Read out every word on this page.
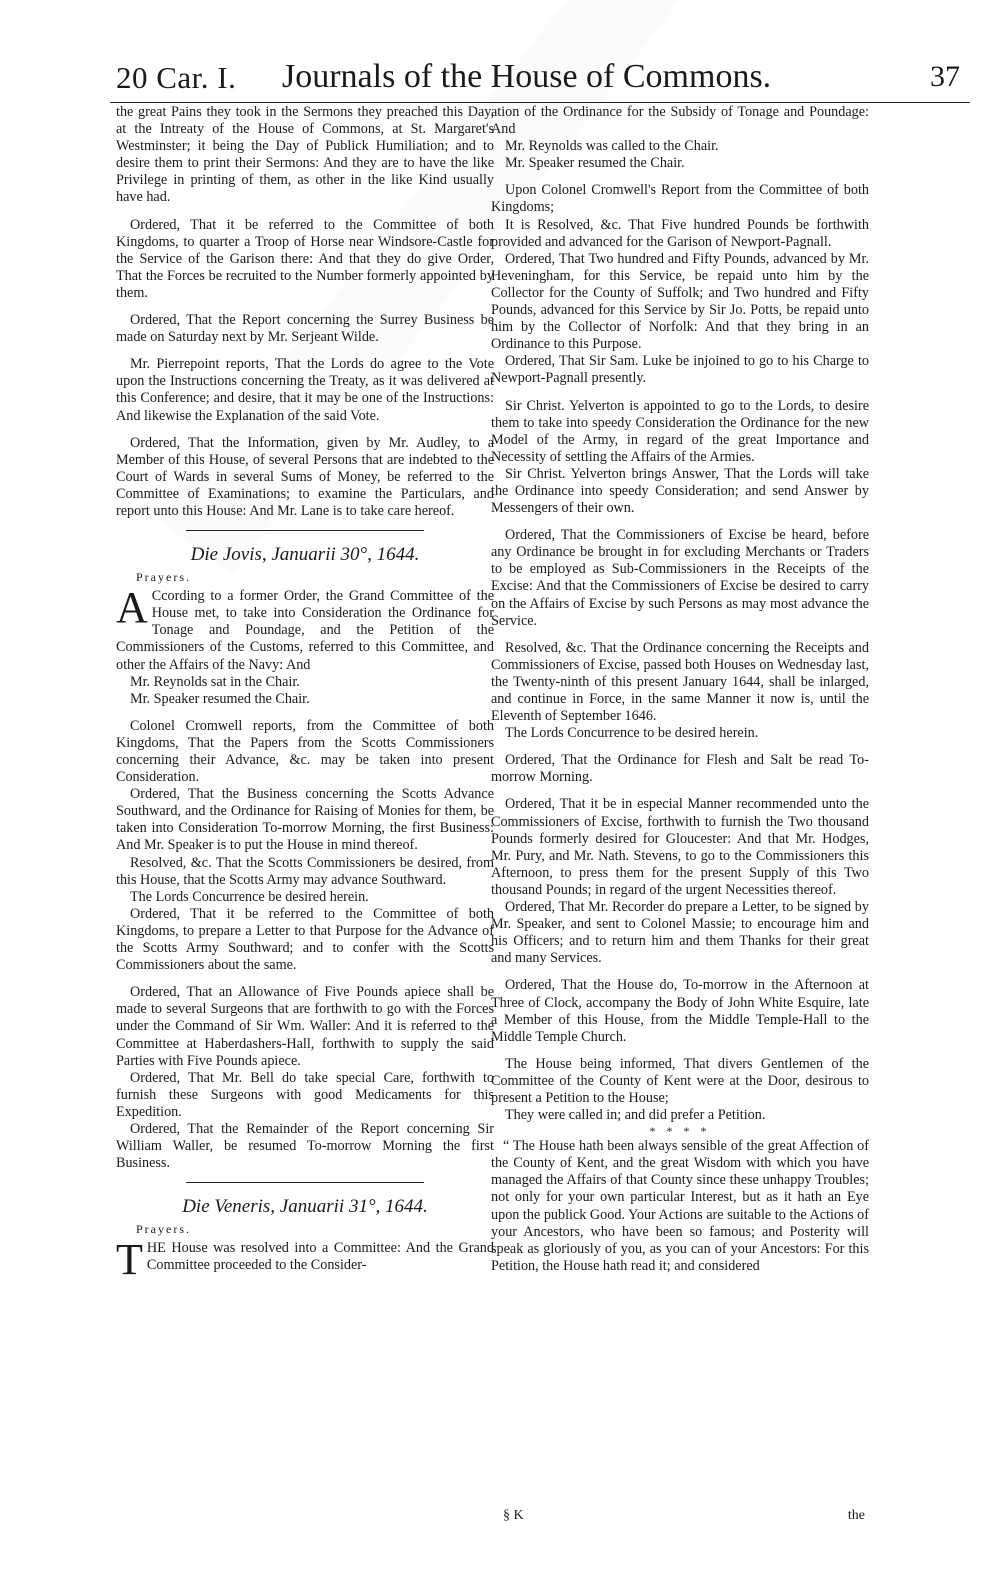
20 Car. I. Journals of the House of Commons.	37

the great Pains they took in the Sermons they preached this Day, at the Intreaty of the House of Commons, at St. Margaret's Westminster; it being the Day of Publick Humiliation; and to desire them to print their Sermons: And they are to have the like Privilege in printing of them, as other in the like Kind usually have had.

Ordered, That it be referred to the Committee of both Kingdoms, to quarter a Troop of Horse near Windsore-Castle for the Service of the Garison there: And that they do give Order, That the Forces be recruited to the Number formerly appointed by them.

Ordered, That the Report concerning the Surrey Business be made on Saturday next by Mr. Serjeant Wilde.

Mr. Pierrepoint reports, That the Lords do agree to the Vote upon the Instructions concerning the Treaty, as it was delivered at this Conference; and desire, that it may be one of the Instructions: And likewise the Explanation of the said Vote.

Ordered, That the Information, given by Mr. Audley, to a Member of this House, of several Persons that are indebted to the Court of Wards in several Sums of Money, be referred to the Committee of Examinations; to examine the Particulars, and report unto this House: And Mr. Lane is to take care hereof.

Die Jovis, Januarii 30°, 1644.
Prayers.

A Ccording to a former Order, the Grand Committee of the House met, to take into Consideration the Ordinance for Tonage and Poundage, and the Petition of the Commissioners of the Customs, referred to this Committee, and other the Affairs of the Navy: And

Mr. Reynolds sat in the Chair.

Mr. Speaker resumed the Chair.

Colonel Cromwell reports, from the Committee of both Kingdoms, That the Papers from the Scotts Commissioners concerning their Advance, &c. may be taken into present Consideration.

Ordered, That the Business concerning the Scotts Advance Southward, and the Ordinance for Raising of Monies for them, be taken into Consideration To-morrow Morning, the first Business: And Mr. Speaker is to put the House in mind thereof.

Resolved, &c. That the Scotts Commissioners be desired, from this House, that the Scotts Army may advance Southward.

The Lords Concurrence be desired herein.

Ordered, That it be referred to the Committee of both Kingdoms, to prepare a Letter to that Purpose for the Advance of the Scotts Army Southward; and to confer with the Scotts Commissioners about the same.

Ordered, That an Allowance of Five Pounds apiece shall be made to several Surgeons that are forthwith to go with the Forces under the Command of Sir Wm. Waller: And it is referred to the Committee at Haberdashers-Hall, forthwith to supply the said Parties with Five Pounds apiece.

Ordered, That Mr. Bell do take special Care, forthwith to furnish these Surgeons with good Medicaments for this Expedition.

Ordered, That the Remainder of the Report concerning Sir William Waller, be resumed To-morrow Morning the first Business.

Die Veneris, Januarii 31°, 1644.
Prayers.

THE House was resolved into a Committee: And the Grand Committee proceeded to the Consider-

ation of the Ordinance for the Subsidy of Tonage and Poundage: And

Mr. Reynolds was called to the Chair.

Mr. Speaker resumed the Chair.

Upon Colonel Cromwell's Report from the Committee of both Kingdoms;

It is Resolved, &c. That Five hundred Pounds be forthwith provided and advanced for the Garison of Newport-Pagnall.

Ordered, That Two hundred and Fifty Pounds, advanced by Mr. Heveningham, for this Service, be repaid unto him by the Collector for the County of Suffolk; and Two hundred and Fifty Pounds, advanced for this Service by Sir Jo. Potts, be repaid unto him by the Collector of Norfolk: And that they bring in an Ordinance to this Purpose.

Ordered, That Sir Sam. Luke be injoined to go to his Charge to Newport-Pagnall presently.

Sir Christ. Yelverton is appointed to go to the Lords, to desire them to take into speedy Consideration the Ordinance for the new Model of the Army, in regard of the great Importance and Necessity of settling the Affairs of the Armies.

Sir Christ. Yelverton brings Answer, That the Lords will take the Ordinance into speedy Consideration; and send Answer by Messengers of their own.

Ordered, That the Commissioners of Excise be heard, before any Ordinance be brought in for excluding Merchants or Traders to be employed as Sub-Commissioners in the Receipts of the Excise: And that the Commissioners of Excise be desired to carry on the Affairs of Excise by such Persons as may most advance the Service.

Resolved, &c. That the Ordinance concerning the Receipts and Commissioners of Excise, passed both Houses on Wednesday last, the Twenty-ninth of this present January 1644, shall be inlarged, and continue in Force, in the same Manner it now is, until the Eleventh of September 1646.

The Lords Concurrence to be desired herein.

Ordered, That the Ordinance for Flesh and Salt be read To-morrow Morning.

Ordered, That it be in especial Manner recommended unto the Commissioners of Excise, forthwith to furnish the Two thousand Pounds formerly desired for Gloucester: And that Mr. Hodges, Mr. Pury, and Mr. Nath. Stevens, to go to the Commissioners this Afternoon, to press them for the present Supply of this Two thousand Pounds; in regard of the urgent Necessities thereof.

Ordered, That Mr. Recorder do prepare a Letter, to be signed by Mr. Speaker, and sent to Colonel Massie; to encourage him and his Officers; and to return him and them Thanks for their great and many Services.

Ordered, That the House do, To-morrow in the Afternoon at Three of Clock, accompany the Body of John White Esquire, late a Member of this House, from the Middle Temple-Hall to the Middle Temple Church.

The House being informed, That divers Gentlemen of the Committee of the County of Kent were at the Door, desirous to present a Petition to the House;

They were called in; and did prefer a Petition.

* * * *

“ The House hath been always sensible of the great Affection of the County of Kent, and the great Wisdom with which you have managed the Affairs of that County since these unhappy Troubles; not only for your own particular Interest, but as it hath an Eye upon the publick Good. Your Actions are suitable to the Actions of your Ancestors, who have been so famous; and Posterity will speak as gloriously of you, as you can of your Ancestors: For this Petition, the House hath read it; and considered

§ K	the
